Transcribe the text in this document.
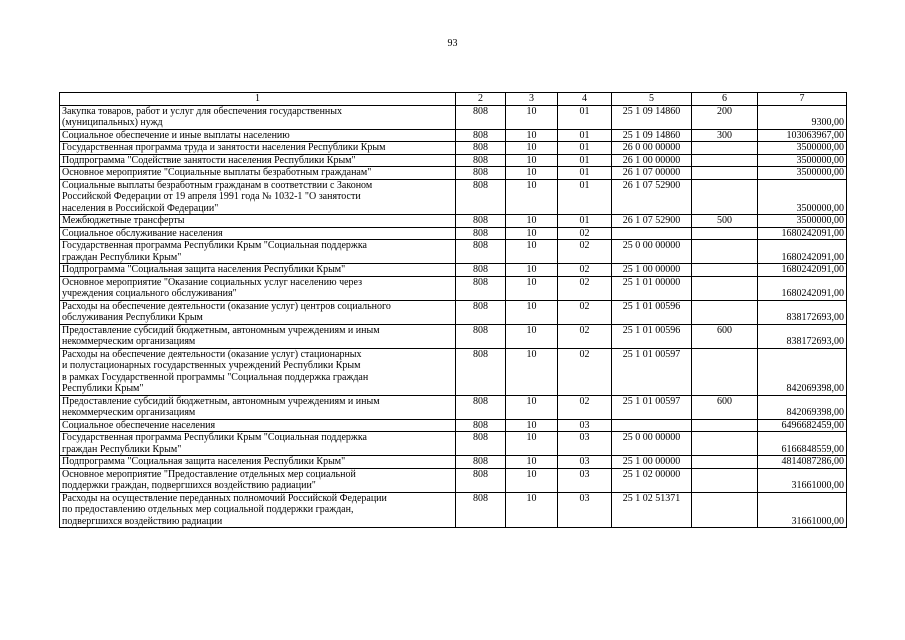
93
1	2	3	4	5	6	7
Закупка товаров, работ и услуг для обеспечения государственных
(муниципальных) нужд	808	10	01	25 1 09 14860	200	9300,00
Социальное обеспечение и иные выплаты населению	808	10	01	25 1 09 14860	300	103063967,00
Государственная программа труда и занятости населения Республики Крым	808	10	01	26 0 00 00000		3500000,00
Подпрограмма "Содействие занятости населения Республики Крым"	808	10	01	26 1 00 00000		3500000,00
Основное мероприятие "Социальные выплаты безработным гражданам"	808	10	01	26 1 07 00000		3500000,00
Социальные выплаты безработным гражданам в соответствии с Законом
Российской Федерации от 19 апреля 1991 года № 1032-1 "О занятости
населения в Российской Федерации"	808	10	01	26 1 07 52900		3500000,00
Межбюджетные трансферты	808	10	01	26 1 07 52900	500	3500000,00
Социальное обслуживание населения	808	10	02			1680242091,00
Государственная программа Республики Крым "Социальная поддержка
граждан Республики Крым"	808	10	02	25 0 00 00000		1680242091,00
Подпрограмма "Социальная защита населения Республики Крым"	808	10	02	25 1 00 00000		1680242091,00
Основное мероприятие "Оказание социальных услуг населению через
учреждения социального обслуживания"	808	10	02	25 1 01 00000		1680242091,00
Расходы на обеспечение деятельности (оказание услуг) центров социального
обслуживания Республики Крым	808	10	02	25 1 01 00596		838172693,00
Предоставление субсидий бюджетным, автономным учреждениям и иным
некоммерческим организациям	808	10	02	25 1 01 00596	600	838172693,00
Расходы на обеспечение деятельности (оказание услуг) стационарных
и полустационарных государственных учреждений Республики Крым
в рамках Государственной программы "Социальная поддержка граждан
Республики Крым"	808	10	02	25 1 01 00597		842069398,00
Предоставление субсидий бюджетным, автономным учреждениям и иным
некоммерческим организациям	808	10	02	25 1 01 00597	600	842069398,00
Социальное обеспечение населения	808	10	03			6496682459,00
Государственная программа Республики Крым "Социальная поддержка
граждан Республики Крым"	808	10	03	25 0 00 00000		6166848559,00
Подпрограмма "Социальная защита населения Республики Крым"	808	10	03	25 1 00 00000		4814087286,00
Основное мероприятие "Предоставление отдельных мер социальной
поддержки граждан, подвергшихся воздействию радиации"	808	10	03	25 1 02 00000		31661000,00
Расходы на осуществление переданных полномочий Российской Федерации
по предоставлению отдельных мер социальной поддержки граждан,
подвергшихся воздействию радиации	808	10	03	25 1 02 51371		31661000,00
